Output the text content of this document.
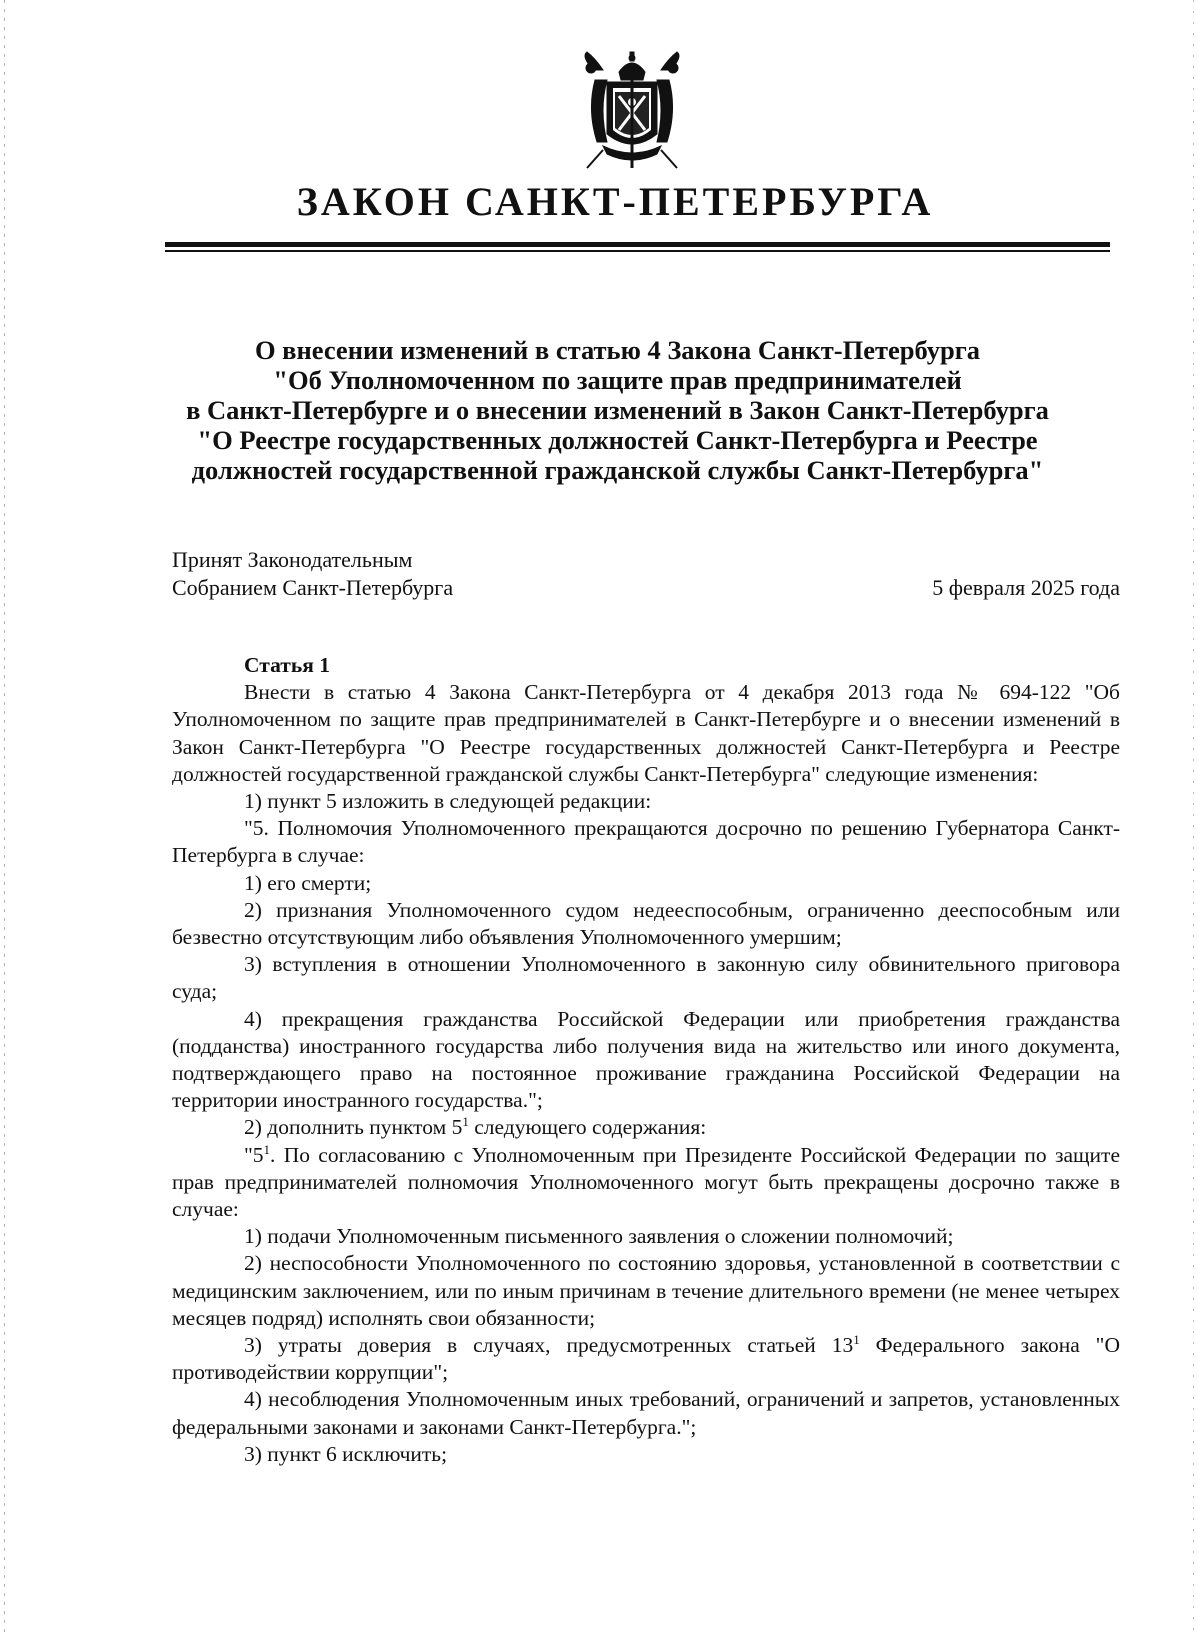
ЗАКОН САНКТ-ПЕТЕРБУРГА
О внесении изменений в статью 4 Закона Санкт-Петербурга
"Об Уполномоченном по защите прав предпринимателей
в Санкт-Петербурге и о внесении изменений в Закон Санкт-Петербурга
"О Реестре государственных должностей Санкт-Петербурга и Реестре
должностей государственной гражданской службы Санкт-Петербурга"
Принят Законодательным
Собранием Санкт-Петербурга	5 февраля 2025 года
Статья 1
Внести в статью 4 Закона Санкт-Петербурга от 4 декабря 2013 года № 694-122 "Об Уполномоченном по защите прав предпринимателей в Санкт-Петербурге и о внесении изменений в Закон Санкт-Петербурга "О Реестре государственных должностей Санкт-Петербурга и Реестре должностей государственной гражданской службы Санкт-Петербурга" следующие изменения:
1) пункт 5 изложить в следующей редакции:
"5. Полномочия Уполномоченного прекращаются досрочно по решению Губернатора Санкт-Петербурга в случае:
1) его смерти;
2) признания Уполномоченного судом недееспособным, ограниченно дееспособным или безвестно отсутствующим либо объявления Уполномоченного умершим;
3) вступления в отношении Уполномоченного в законную силу обвинительного приговора суда;
4) прекращения гражданства Российской Федерации или приобретения гражданства (подданства) иностранного государства либо получения вида на жительство или иного документа, подтверждающего право на постоянное проживание гражданина Российской Федерации на территории иностранного государства.";
2) дополнить пунктом $5^1$ следующего содержания:
"$5^1$. По согласованию с Уполномоченным при Президенте Российской Федерации по защите прав предпринимателей полномочия Уполномоченного могут быть прекращены досрочно также в случае:
1) подачи Уполномоченным письменного заявления о сложении полномочий;
2) неспособности Уполномоченного по состоянию здоровья, установленной в соответствии с медицинским заключением, или по иным причинам в течение длительного времени (не менее четырех месяцев подряд) исполнять свои обязанности;
3) утраты доверия в случаях, предусмотренных статьей $13^1$ Федерального закона "О противодействии коррупции";
4) несоблюдения Уполномоченным иных требований, ограничений и запретов, установленных федеральными законами и законами Санкт-Петербурга.";
3) пункт 6 исключить;
